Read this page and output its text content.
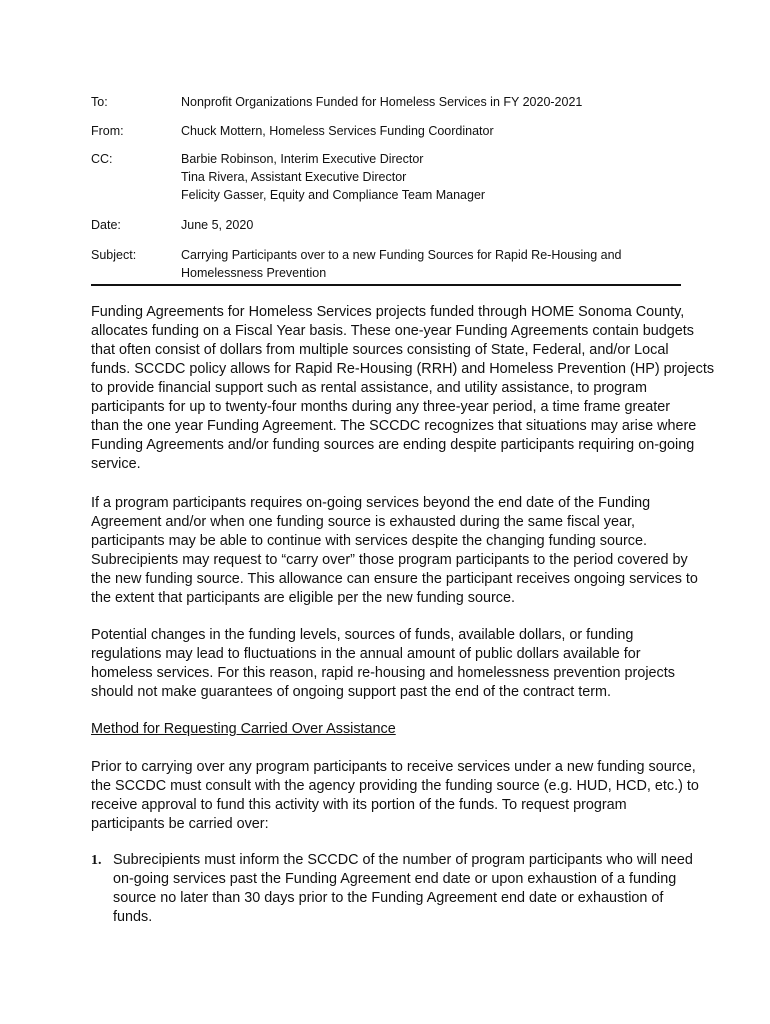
To:	Nonprofit Organizations Funded for Homeless Services in FY 2020-2021
From:	Chuck Mottern, Homeless Services Funding Coordinator
CC:	Barbie Robinson, Interim Executive Director
Tina Rivera, Assistant Executive Director
Felicity Gasser, Equity and Compliance Team Manager
Date:	June 5, 2020
Subject:	Carrying Participants over to a new Funding Sources for Rapid Re-Housing and
Homelessness Prevention
Funding Agreements for Homeless Services projects funded through HOME Sonoma County,
allocates funding on a Fiscal Year basis. These one-year Funding Agreements contain budgets
that often consist of dollars from multiple sources consisting of State, Federal, and/or Local
funds. SCCDC policy allows for Rapid Re-Housing (RRH) and Homeless Prevention (HP) projects
to provide financial support such as rental assistance, and utility assistance, to program
participants for up to twenty-four months during any three-year period, a time frame greater
than the one year Funding Agreement. The SCCDC recognizes that situations may arise where
Funding Agreements and/or funding sources are ending despite participants requiring on-going
service.
If a program participants requires on-going services beyond the end date of the Funding
Agreement and/or when one funding source is exhausted during the same fiscal year,
participants may be able to continue with services despite the changing funding source.
Subrecipients may request to “carry over” those program participants to the period covered by
the new funding source. This allowance can ensure the participant receives ongoing services to
the extent that participants are eligible per the new funding source.
Potential changes in the funding levels, sources of funds, available dollars, or funding
regulations may lead to fluctuations in the annual amount of public dollars available for
homeless services. For this reason, rapid re-housing and homelessness prevention projects
should not make guarantees of ongoing support past the end of the contract term.
Method for Requesting Carried Over Assistance
Prior to carrying over any program participants to receive services under a new funding source,
the SCCDC must consult with the agency providing the funding source (e.g. HUD, HCD, etc.) to
receive approval to fund this activity with its portion of the funds. To request program
participants be carried over:
1. Subrecipients must inform the SCCDC of the number of program participants who will need
on-going services past the Funding Agreement end date or upon exhaustion of a funding
source no later than 30 days prior to the Funding Agreement end date or exhaustion of
funds.
